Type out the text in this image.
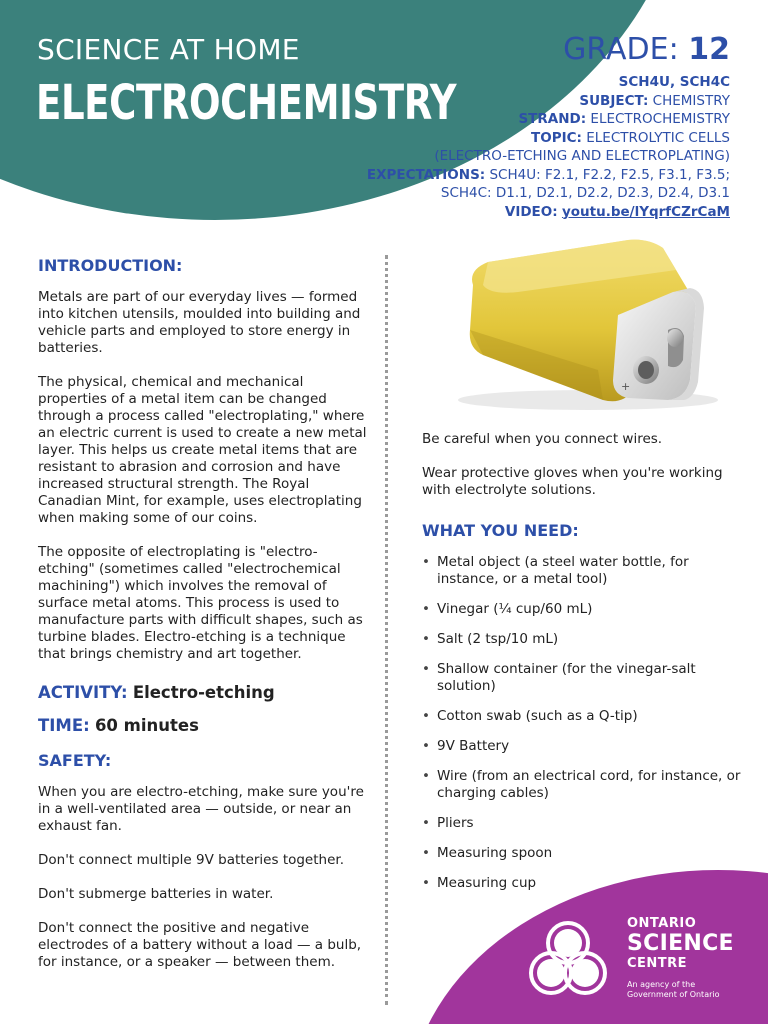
SCIENCE AT HOME
ELECTROCHEMISTRY
GRADE: 12
SCH4U, SCH4C
SUBJECT: CHEMISTRY
STRAND: ELECTROCHEMISTRY
TOPIC: ELECTROLYTIC CELLS
(ELECTRO-ETCHING AND ELECTROPLATING)
EXPECTATIONS: SCH4U: F2.1, F2.2, F2.5, F3.1, F3.5;
SCH4C: D1.1, D2.1, D2.2, D2.3, D2.4, D3.1
VIDEO: youtu.be/lYqrfCZrCaM
INTRODUCTION:

Metals are part of our everyday lives — formed into kitchen utensils, moulded into building and vehicle parts and employed to store energy in batteries.

The physical, chemical and mechanical properties of a metal item can be changed through a process called "electroplating," where an electric current is used to create a new metal layer. This helps us create metal items that are resistant to abrasion and corrosion and have increased structural strength. The Royal Canadian Mint, for example, uses electroplating when making some of our coins.

The opposite of electroplating is "electro-etching" (sometimes called "electrochemical machining") which involves the removal of surface metal atoms. This process is used to manufacture parts with difficult shapes, such as turbine blades. Electro-etching is a technique that brings chemistry and art together.

ACTIVITY: Electro-etching
TIME: 60 minutes
SAFETY:

When you are electro-etching, make sure you're in a well-ventilated area — outside, or near an exhaust fan.

Don't connect multiple 9V batteries together.

Don't submerge batteries in water.

Don't connect the positive and negative electrodes of a battery without a load — a bulb, for instance, or a speaker — between them.

+

Be careful when you connect wires.

Wear protective gloves when you're working with electrolyte solutions.

WHAT YOU NEED:
• Metal object (a steel water bottle, for instance, or a metal tool)
• Vinegar (¼ cup/60 mL)
• Salt (2 tsp/10 mL)
• Shallow container (for the vinegar-salt solution)
• Cotton swab (such as a Q-tip)
• 9V Battery
• Wire (from an electrical cord, for instance, or charging cables)
• Pliers
• Measuring spoon
• Measuring cup
ONTARIO
SCIENCE
CENTRE
An agency of the
Government of Ontario
